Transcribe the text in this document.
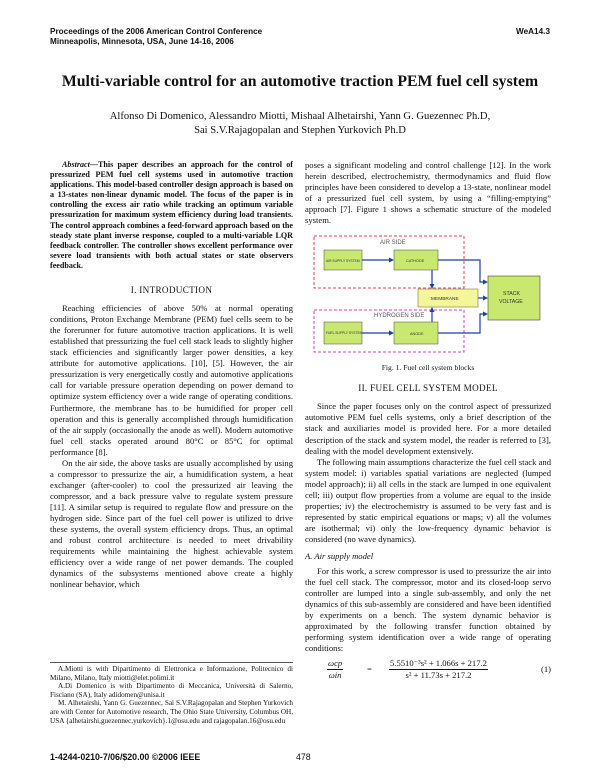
Proceedings of the 2006 American Control Conference
Minneapolis, Minnesota, USA, June 14-16, 2006
WeA14.3
Multi-variable control for an automotive traction PEM fuel cell system
Alfonso Di Domenico, Alessandro Miotti, Mishaal Alhetairshi, Yann G. Guezennec Ph.D,
Sai S.V.Rajagopalan and Stephen Yurkovich Ph.D

Abstract—This paper describes an approach for the control of pressurized PEM fuel cell systems used in automotive traction applications. This model-based controller design approach is based on a 13-states non-linear dynamic model. The focus of the paper is in controlling the excess air ratio while tracking an optimum variable pressurization for maximum system efficiency during load transients. The control approach combines a feed-forward approach based on the steady state plant inverse response, coupled to a multi-variable LQR feedback controller. The controller shows excellent performance over severe load transients with both actual states or state observers feedback.

I. INTRODUCTION

Reaching efficiencies of above 50% at normal operating conditions, Proton Exchange Membrane (PEM) fuel cells seem to be the forerunner for future automotive traction applications. It is well established that pressurizing the fuel cell stack leads to slightly higher stack efficiencies and significantly larger power densities, a key attribute for automotive applications. [10], [5]. However, the air pressurization is very energetically costly and automotive applications call for variable pressure operation depending on power demand to optimize system efficiency over a wide range of operating conditions. Furthermore, the membrane has to be humidified for proper cell operation and this is generally accomplished through humidification of the air supply (occasionally the anode as well). Modern automotive fuel cell stacks operated around 80°C or 85°C for optimal performance [8].

On the air side, the above tasks are usually accomplished by using a compressor to pressurize the air, a humidification system, a heat exchanger (after-cooler) to cool the pressurized air leaving the compressor, and a back pressure valve to regulate system pressure [11]. A similar setup is required to regulate flow and pressure on the hydrogen side. Since part of the fuel cell power is utilized to drive these systems, the overall system efficiency drops. Thus, an optimal and robust control architecture is needed to meet drivability requirements while maintaining the highest achievable system efficiency over a wide range of net power demands. The coupled dynamics of the subsystems mentioned above create a highly nonlinear behavior, which

A.Miotti is with Dipartimento di Elettronica e Informazione, Politecnico di Milano, Milano, Italy miotti@elet.polimi.it

A.Di Domenico is with Dipartimento di Meccanica, Università di Salerno, Fisciano (SA), Italy adidomen@unisa.it

M. Alhetairshi, Yann G. Guezennec, Sai S.V.Rajagopalan and Stephen Yurkovich are with Center for Automotive research, The Ohio State University, Columbus OH, USA {alhetairshi,guezennec,yurkovich}.1@osu.edu and rajagopalan.16@osu.edu

poses a significant modeling and control challenge [12]. In the work herein described, electrochemistry, thermodynamics and fluid flow principles have been considered to develop a 13-state, nonlinear model of a pressurized fuel cell system, by using a “filling-emptying” approach [7]. Figure 1 shows a schematic structure of the modeled system.

AIR SIDE
AIR SUPPLY SYSTEM	CATHODE
MEMBRANE
HYDROGEN SIDE
FUEL SUPPLY SYSTEM	ANODE
STACK
VOLTAGE
Fig. 1. Fuel cell system blocks
II. FUEL CELL SYSTEM MODEL

Since the paper focuses only on the control aspect of pressurized automotive PEM fuel cells systems, only a brief description of the stack and auxiliaries model is provided here. For a more detailed description of the stack and system model, the reader is referred to [3], dealing with the model development extensively.

The following main assumptions characterize the fuel cell stack and system model: i) variables spatial variations are neglected (lumped model approach); ii) all cells in the stack are lumped in one equivalent cell; iii) output flow properties from a volume are equal to the inside properties; iv) the electrochemistry is assumed to be very fast and is represented by static empirical equations or maps; v) all the volumes are isothermal; vi) only the low-frequency dynamic behavior is considered (no wave dynamics).

A. Air supply model

For this work, a screw compressor is used to pressurize the air into the fuel cell stack. The compressor, motor and its closed-loop servo controller are lumped into a single sub-assembly, and only the net dynamics of this sub-assembly are considered and have been identified by experiments on a bench. The system dynamic behavior is approximated by the following transfer function obtained by performing system identification over a wide range of operating conditions:

ωcp
ωin
= $\frac{\text{5.5510⁻³s² + 1.066s + 217.2}}{\text{s² + 11.73s + 217.2}}$	(1)
1-4244-0210-7/06/$20.00 ©2006 IEEE	478
